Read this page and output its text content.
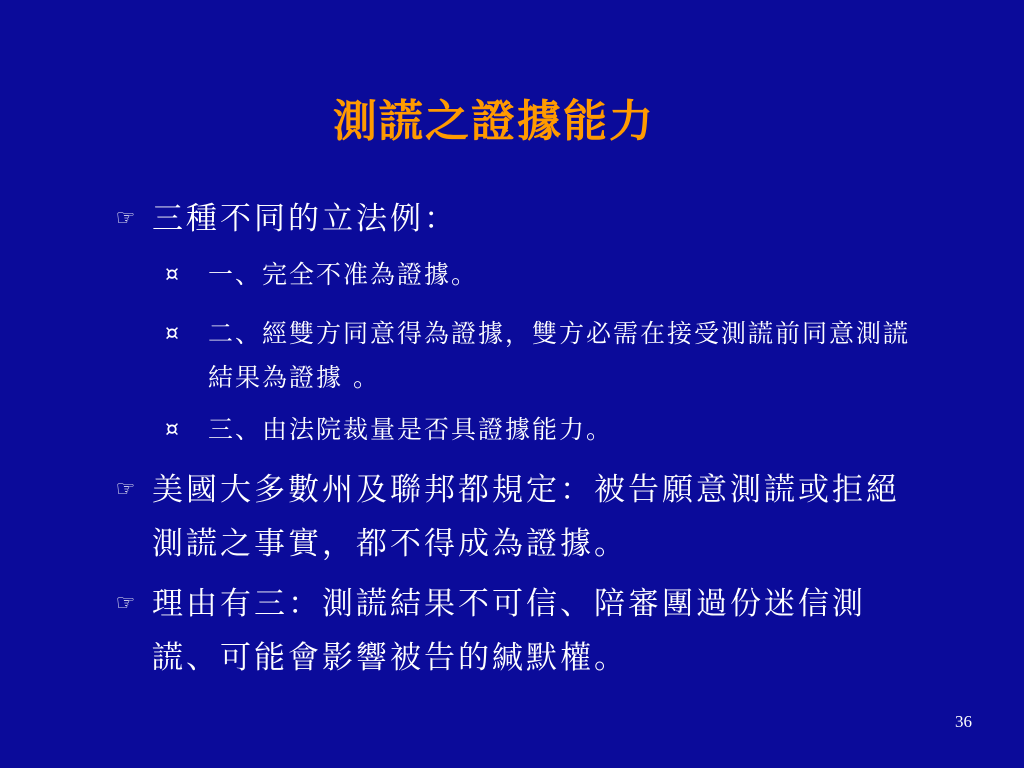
測謊之證據能力
☞ 三種不同的立法例：
¤ 一、完全不准為證據。
¤ 二、經雙方同意得為證據，雙方必需在接受測謊前同意測謊結果為證據 。
¤ 三、由法院裁量是否具證據能力。
☞ 美國大多數州及聯邦都規定：被告願意測謊或拒絕測謊之事實，都不得成為證據。
☞ 理由有三：測謊結果不可信、陪審團過份迷信測謊、可能會影響被告的緘默權。
36
